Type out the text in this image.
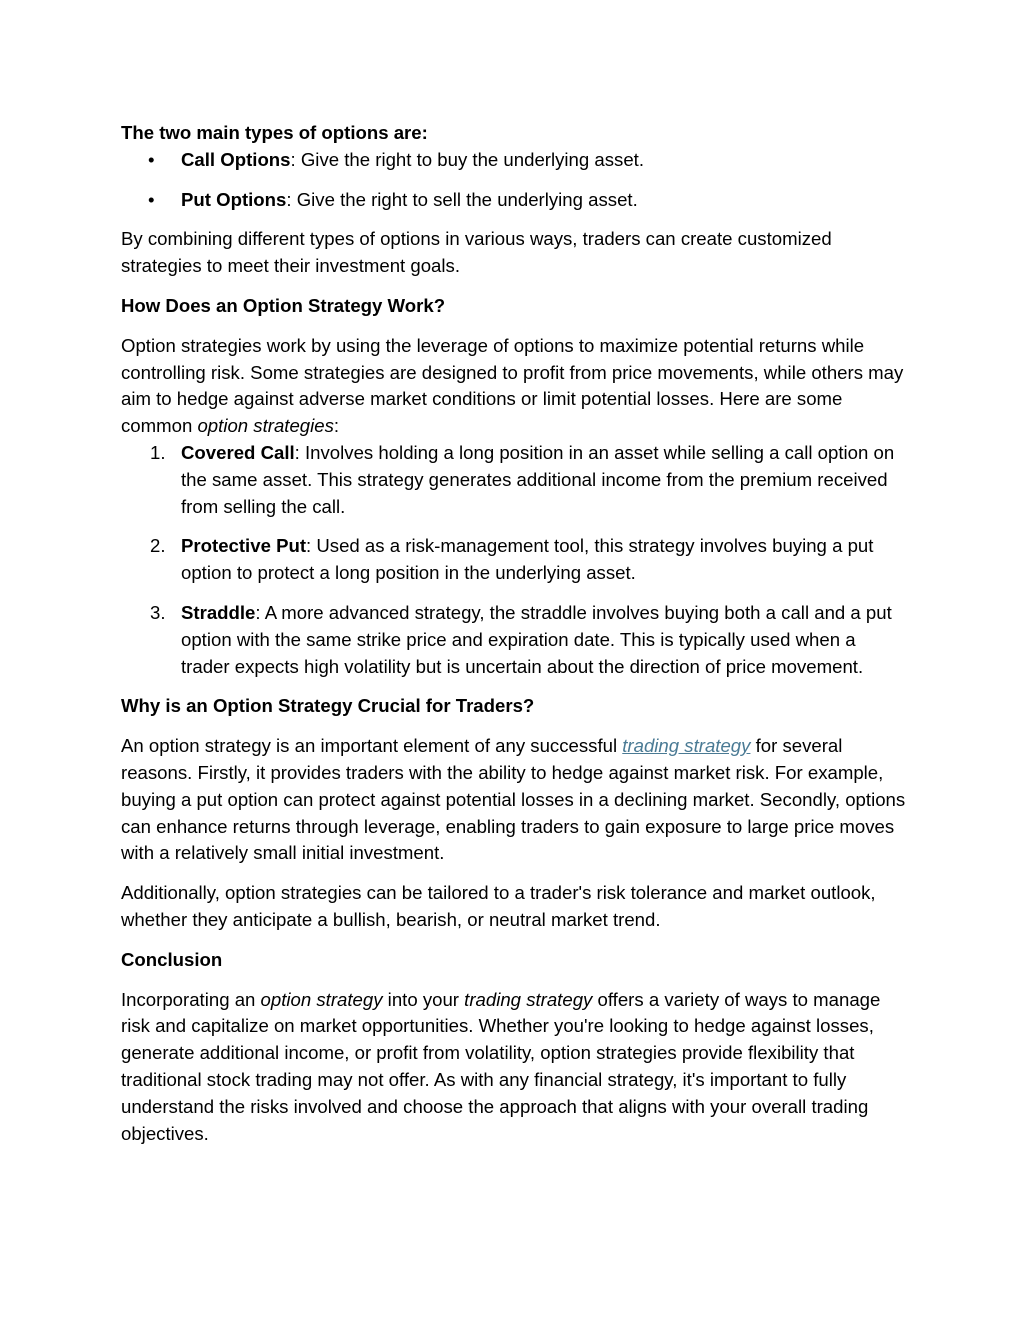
The two main types of options are:

• Call Options: Give the right to buy the underlying asset.
• Put Options: Give the right to sell the underlying asset.

By combining different types of options in various ways, traders can create customized strategies to meet their investment goals.

How Does an Option Strategy Work?

Option strategies work by using the leverage of options to maximize potential returns while controlling risk. Some strategies are designed to profit from price movements, while others may aim to hedge against adverse market conditions or limit potential losses. Here are some common option strategies:

1. Covered Call: Involves holding a long position in an asset while selling a call option on the same asset. This strategy generates additional income from the premium received from selling the call.
2. Protective Put: Used as a risk-management tool, this strategy involves buying a put option to protect a long position in the underlying asset.
3. Straddle: A more advanced strategy, the straddle involves buying both a call and a put option with the same strike price and expiration date. This is typically used when a trader expects high volatility but is uncertain about the direction of price movement.

Why is an Option Strategy Crucial for Traders?

An option strategy is an important element of any successful trading strategy for several reasons. Firstly, it provides traders with the ability to hedge against market risk. For example, buying a put option can protect against potential losses in a declining market. Secondly, options can enhance returns through leverage, enabling traders to gain exposure to large price moves with a relatively small initial investment.

Additionally, option strategies can be tailored to a trader's risk tolerance and market outlook, whether they anticipate a bullish, bearish, or neutral market trend.

Conclusion

Incorporating an option strategy into your trading strategy offers a variety of ways to manage risk and capitalize on market opportunities. Whether you're looking to hedge against losses, generate additional income, or profit from volatility, option strategies provide flexibility that traditional stock trading may not offer. As with any financial strategy, it's important to fully understand the risks involved and choose the approach that aligns with your overall trading objectives.
